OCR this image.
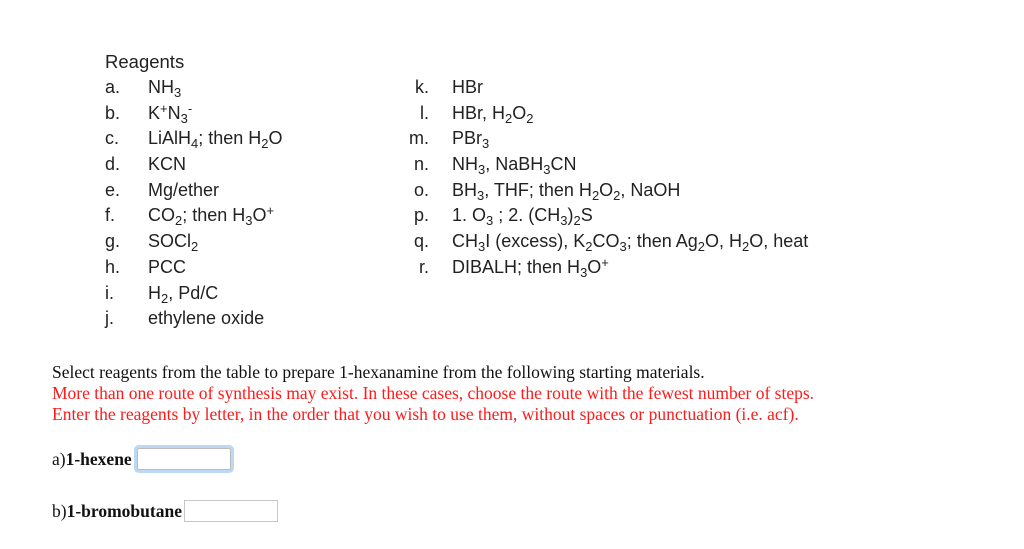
Reagents
a. $NH_3$
b. $K^+N_3^-$
c. LiAlH$_4$; then $H_2O$
d. KCN
e. Mg/ether
f. $CO_2$; then $H_3O^+$
g. SOCl$_2$
h. PCC
i. $H_2$, Pd/C
j. ethylene oxide
k. HBr
l. HBr, $H_2O_2$
m. PBr$_3$
n. $NH_3$, NaBH$_3$CN
o. $BH_3$, THF; then $H_2O_2$, NaOH
p. 1. $O_3$ ; 2. $(CH_3)_2S$
q. $CH_3I$ (excess), $K_2CO_3$; then $Ag_2O$, $H_2O$, heat
r. DIBALH; then $H_3O^+$
Select reagents from the table to prepare 1-hexanamine from the following starting materials.
More than one route of synthesis may exist. In these cases, choose the route with the fewest number of steps.
Enter the reagents by letter, in the order that you wish to use them, without spaces or punctuation (i.e. acf).
a) 1-hexene
b) 1-bromobutane
